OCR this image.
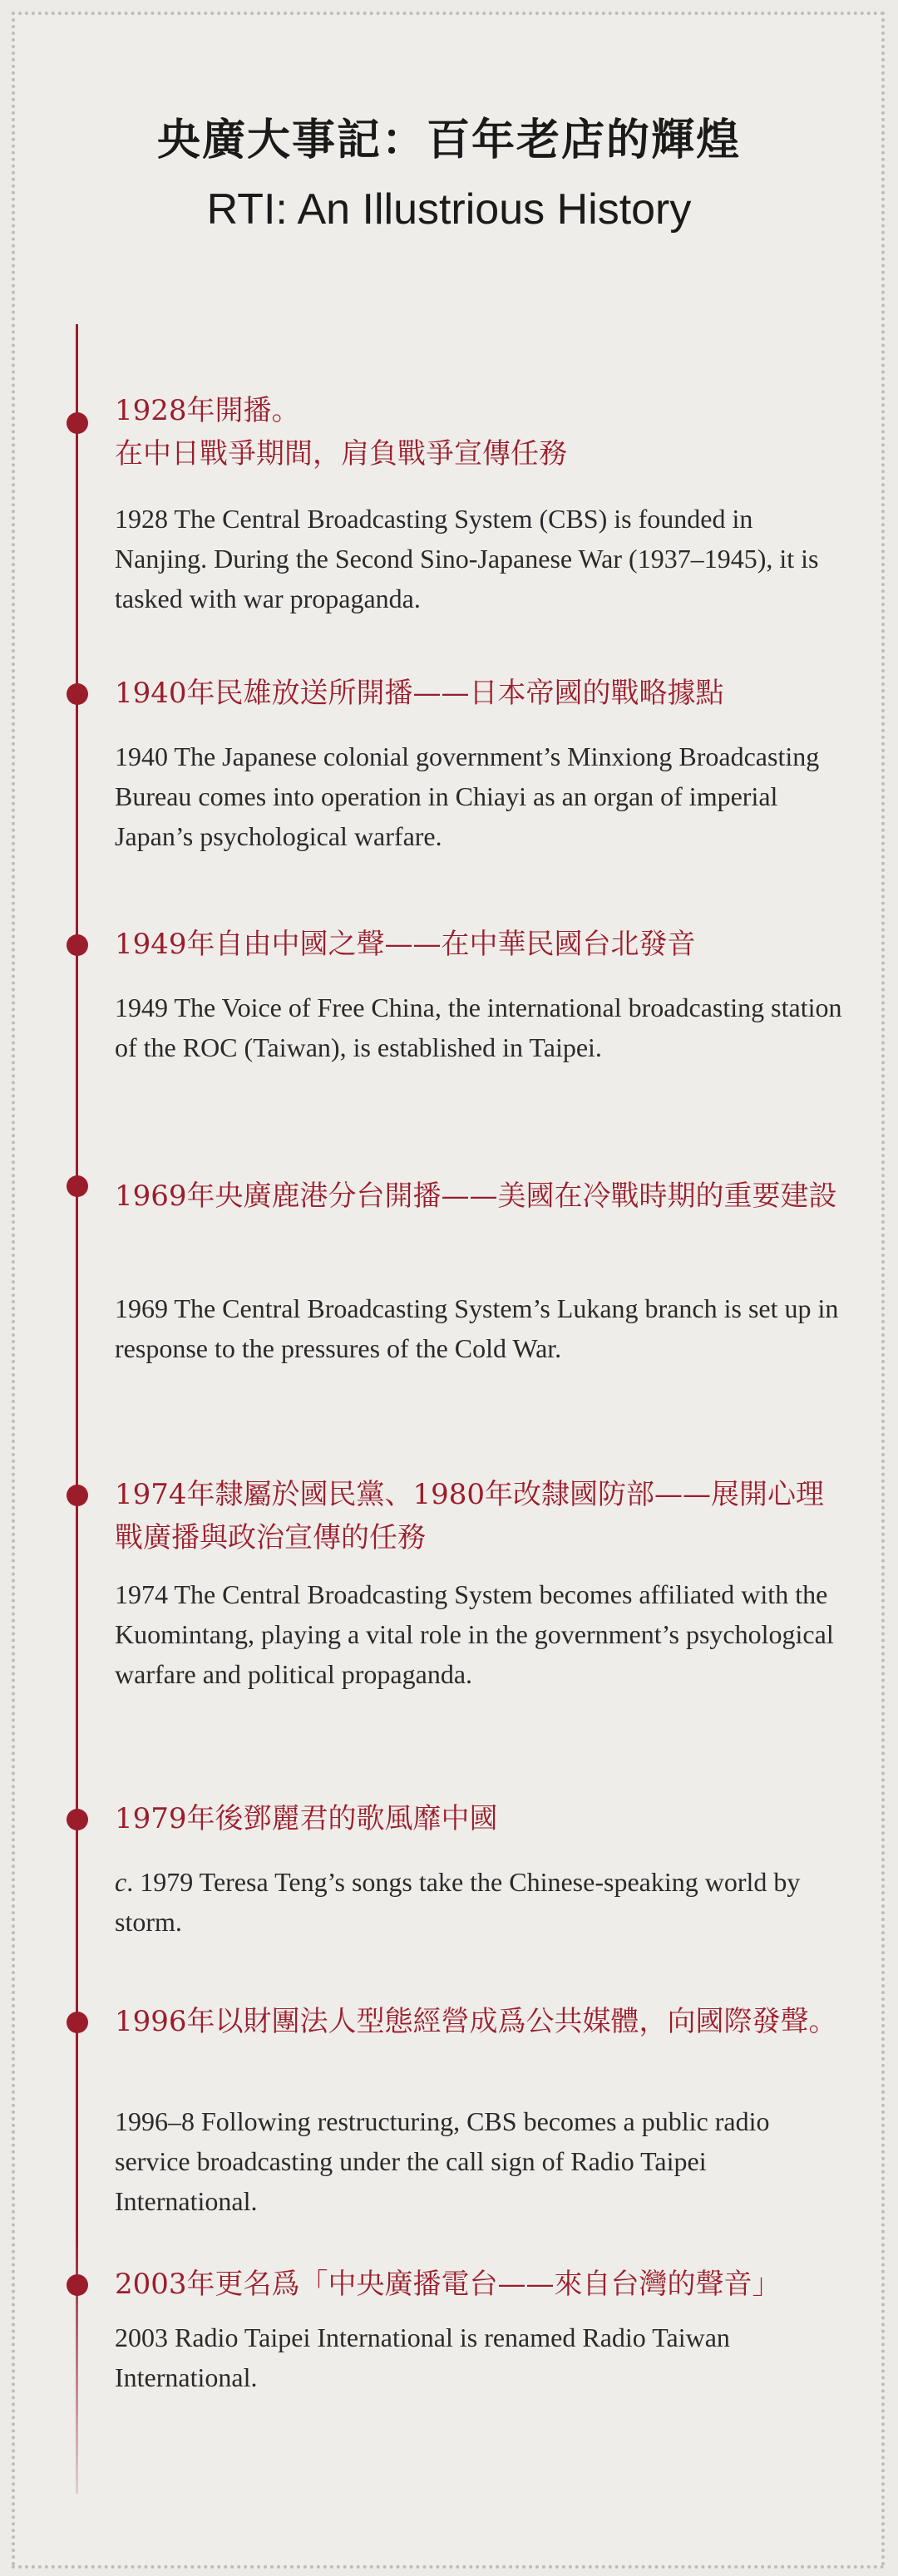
央廣大事記：百年老店的輝煌
RTI: An Illustrious History
1928年開播。
在中日戰爭期間，肩負戰爭宣傳任務
1928 The Central Broadcasting System (CBS) is founded in Nanjing. During the Second Sino-Japanese War (1937–1945), it is tasked with war propaganda.
1940年民雄放送所開播——日本帝國的戰略據點
1940 The Japanese colonial government’s Minxiong Broadcasting Bureau comes into operation in Chiayi as an organ of imperial Japan’s psychological warfare.
1949年自由中國之聲——在中華民國台北發音
1949 The Voice of Free China, the international broadcasting station of the ROC (Taiwan), is established in Taipei.
1969年央廣鹿港分台開播——美國在冷戰時期的重要建設
1969 The Central Broadcasting System’s Lukang branch is set up in response to the pressures of the Cold War.
1974年隸屬於國民黨、1980年改隸國防部——展開心理戰廣播與政治宣傳的任務
1974 The Central Broadcasting System becomes affiliated with the Kuomintang, playing a vital role in the government’s psychological warfare and political propaganda.
1979年後鄧麗君的歌風靡中國
c. 1979 Teresa Teng’s songs take the Chinese-speaking world by storm.
1996年以財團法人型態經營成爲公共媒體，向國際發聲。
1996–8 Following restructuring, CBS becomes a public radio service broadcasting under the call sign of Radio Taipei International.
2003年更名爲「中央廣播電台——來自台灣的聲音」
2003 Radio Taipei International is renamed Radio Taiwan International.
